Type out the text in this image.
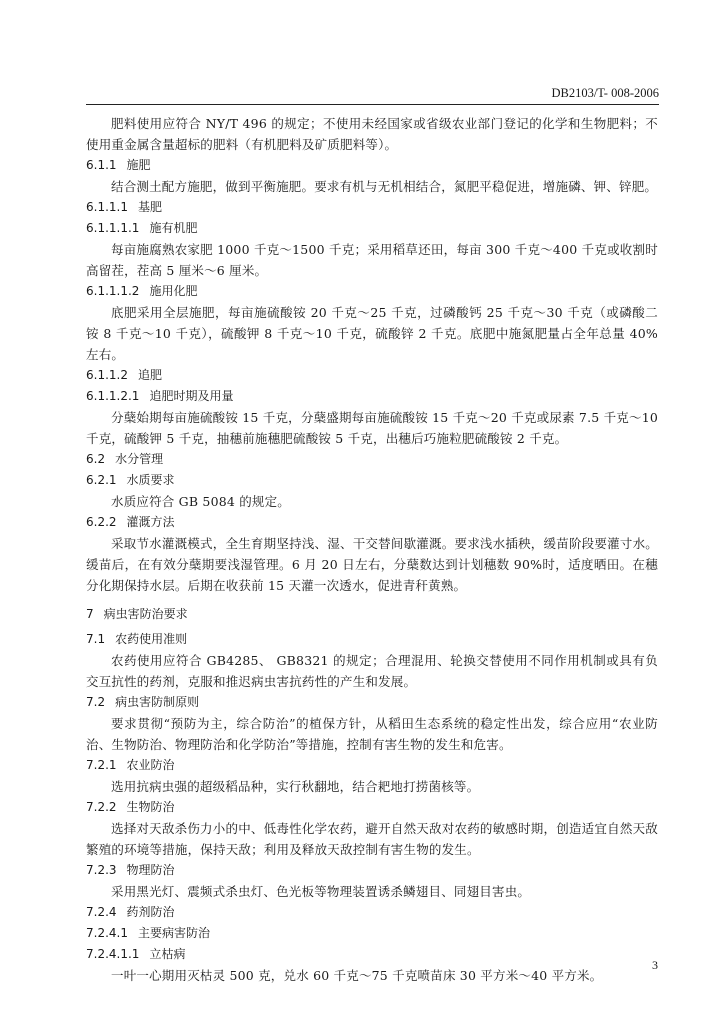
DB2103/T- 008-2006

肥料使用应符合 NY/T 496 的规定；不使用未经国家或省级农业部门登记的化学和生物肥料；不使用重金属含量超标的肥料（有机肥料及矿质肥料等）。

6.1.1 施肥

结合测土配方施肥，做到平衡施肥。要求有机与无机相结合，氮肥平稳促进，增施磷、钾、锌肥。

6.1.1.1 基肥
6.1.1.1.1 施有机肥

每亩施腐熟农家肥 1000 千克～1500 千克；采用稻草还田，每亩 300 千克～400 千克或收割时高留茬，茬高 5 厘米～6 厘米。

6.1.1.1.2 施用化肥

底肥采用全层施肥，每亩施硫酸铵 20 千克～25 千克，过磷酸钙 25 千克～30 千克（或磷酸二铵 8 千克～10 千克），硫酸钾 8 千克～10 千克，硫酸锌 2 千克。底肥中施氮肥量占全年总量 40%左右。

6.1.1.2 追肥
6.1.1.2.1 追肥时期及用量

分蘖始期每亩施硫酸铵 15 千克，分蘖盛期每亩施硫酸铵 15 千克～20 千克或尿素 7.5 千克～10 千克，硫酸钾 5 千克，抽穗前施穗肥硫酸铵 5 千克，出穗后巧施粒肥硫酸铵 2 千克。

6.2 水分管理
6.2.1 水质要求

水质应符合 GB 5084 的规定。

6.2.2 灌溉方法

采取节水灌溉模式，全生育期坚持浅、湿、干交替间歇灌溉。要求浅水插秧，缓苗阶段要灌寸水。缓苗后，在有效分蘖期要浅湿管理。6 月 20 日左右，分蘖数达到计划穗数 90%时，适度晒田。在穗分化期保持水层。后期在收获前 15 天灌一次透水，促进青秆黄熟。

7 病虫害防治要求
7.1 农药使用准则

农药使用应符合 GB4285、 GB8321 的规定；合理混用、轮换交替使用不同作用机制或具有负交互抗性的药剂，克服和推迟病虫害抗药性的产生和发展。

7.2 病虫害防制原则

要求贯彻“预防为主，综合防治”的植保方针，从稻田生态系统的稳定性出发，综合应用“农业防治、生物防治、物理防治和化学防治”等措施，控制有害生物的发生和危害。

7.2.1 农业防治

选用抗病虫强的超级稻品种，实行秋翻地，结合耙地打捞菌核等。

7.2.2 生物防治

选择对天敌杀伤力小的中、低毒性化学农药，避开自然天敌对农药的敏感时期，创造适宜自然天敌繁殖的环境等措施，保持天敌；利用及释放天敌控制有害生物的发生。

7.2.3 物理防治

采用黑光灯、震频式杀虫灯、色光板等物理装置诱杀鳞翅目、同翅目害虫。

7.2.4 药剂防治
7.2.4.1 主要病害防治
7.2.4.1.1 立枯病

一叶一心期用灭枯灵 500 克，兑水 60 千克～75 千克喷苗床 30 平方米～40 平方米。

3
